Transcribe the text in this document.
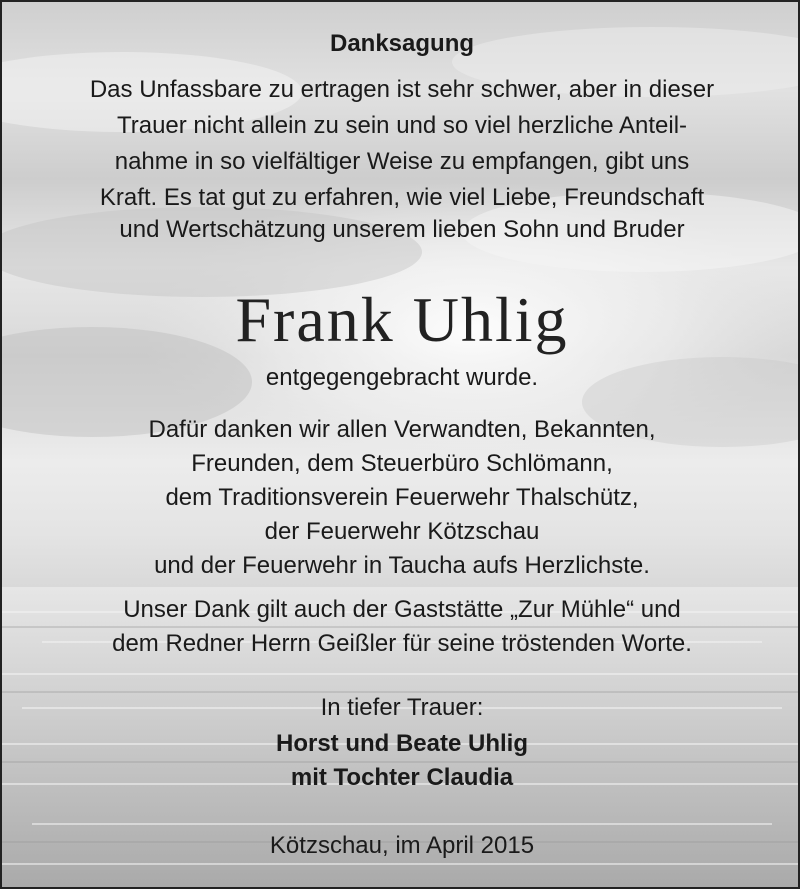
Danksagung
Das Unfassbare zu ertragen ist sehr schwer, aber in dieser
Trauer nicht allein zu sein und so viel herzliche Anteil-
nahme in so vielfältiger Weise zu empfangen, gibt uns
Kraft. Es tat gut zu erfahren, wie viel Liebe, Freundschaft
und Wertschätzung unserem lieben Sohn und Bruder
Frank Uhlig
entgegengebracht wurde.
Dafür danken wir allen Verwandten, Bekannten,
Freunden, dem Steuerbüro Schlömann,
dem Traditionsverein Feuerwehr Thalschütz,
der Feuerwehr Kötzschau
und der Feuerwehr in Taucha aufs Herzlichste.
Unser Dank gilt auch der Gaststätte „Zur Mühle“ und
dem Redner Herrn Geißler für seine tröstenden Worte.
In tiefer Trauer:
Horst und Beate Uhlig
mit Tochter Claudia
Kötzschau, im April 2015
